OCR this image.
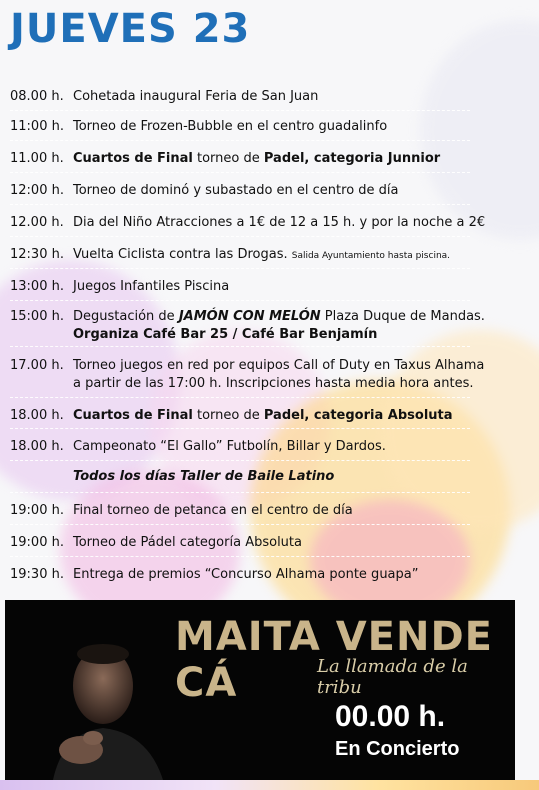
JUEVES 23
08.00 h. Cohetada inaugural Feria de San Juan
11:00 h. Torneo de Frozen-Bubble en el centro guadalinfo
11.00 h. Cuartos de Final torneo de Padel, categoria Junnior
12:00 h. Torneo de dominó y subastado en el centro de día
12.00 h. Dia del Niño Atracciones a 1€ de 12 a 15 h. y por la noche a 2€
12:30 h. Vuelta Ciclista contra las Drogas. Salida Ayuntamiento hasta piscina.
13:00 h. Juegos Infantiles Piscina
15:00 h. Degustación de JAMÓN CON MELÓN Plaza Duque de Mandas.
Organiza Café Bar 25 / Café Bar Benjamín
17.00 h. Torneo juegos en red por equipos Call of Duty en Taxus Alhama
a partir de las 17:00 h. Inscripciones hasta media hora antes.
18.00 h. Cuartos de Final torneo de Padel, categoria Absoluta
18.00 h. Campeonato “El Gallo” Futbolín, Billar y Dardos.
Todos los días Taller de Baile Latino
19:00 h. Final torneo de petanca en el centro de día
19:00 h. Torneo de Pádel categoría Absoluta
19:30 h. Entrega de premios “Concurso Alhama ponte guapa”
MAITA VENDE CÁ	La llamada de la tribu
00.00 h.
En Concierto
